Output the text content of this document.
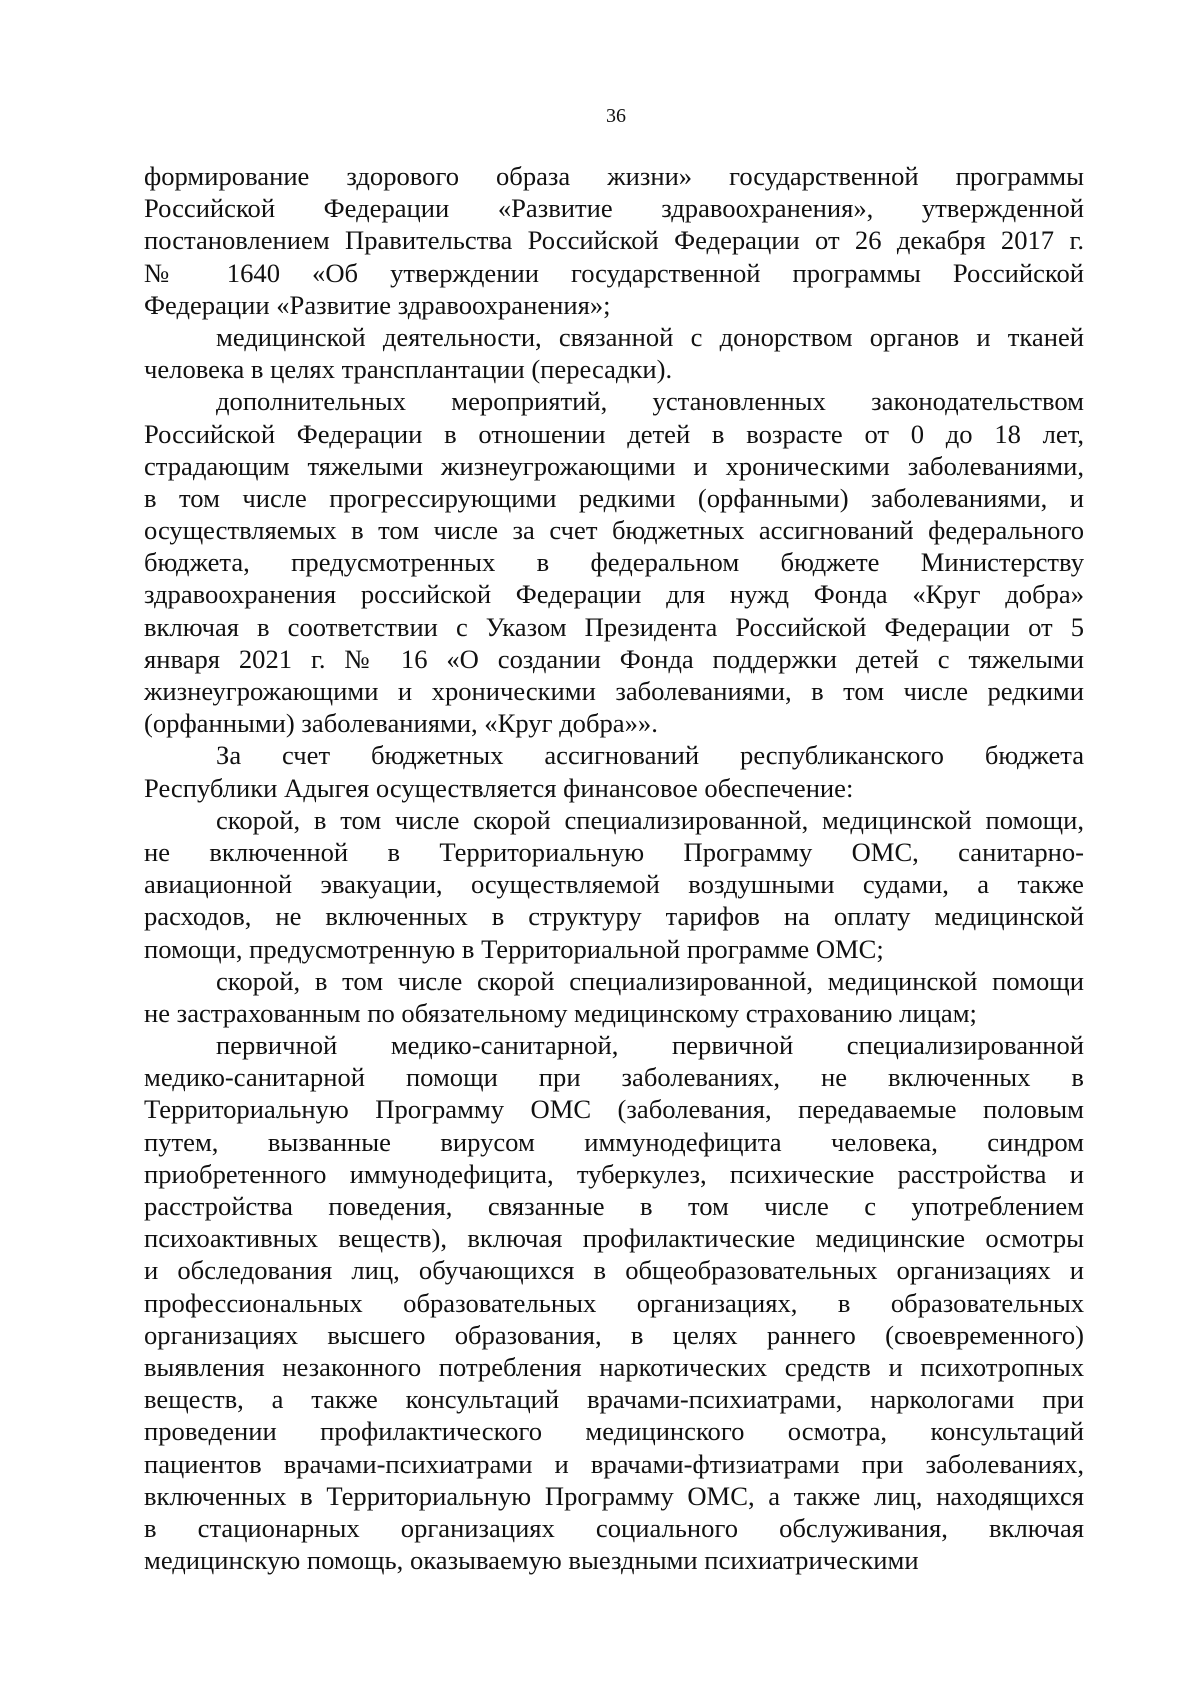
36
формирование здорового образа жизни» государственной программы
Российской Федерации «Развитие здравоохранения», утвержденной
постановлением Правительства Российской Федерации от 26 декабря 2017 г.
№ 1640 «Об утверждении государственной программы Российской
Федерации «Развитие здравоохранения»;
медицинской деятельности, связанной с донорством органов и тканей
человека в целях трансплантации (пересадки).
дополнительных мероприятий, установленных законодательством
Российской Федерации в отношении детей в возрасте от 0 до 18 лет,
страдающим тяжелыми жизнеугрожающими и хроническими заболеваниями,
в том числе прогрессирующими редкими (орфанными) заболеваниями, и
осуществляемых в том числе за счет бюджетных ассигнований федерального
бюджета, предусмотренных в федеральном бюджете Министерству
здравоохранения российской Федерации для нужд Фонда «Круг добра»
включая в соответствии с Указом Президента Российской Федерации от 5
января 2021 г. № 16 «О создании Фонда поддержки детей с тяжелыми
жизнеугрожающими и хроническими заболеваниями, в том числе редкими
(орфанными) заболеваниями, «Круг добра»».
За счет бюджетных ассигнований республиканского бюджета
Республики Адыгея осуществляется финансовое обеспечение:
скорой, в том числе скорой специализированной, медицинской помощи,
не включенной в Территориальную Программу ОМС, санитарно-
авиационной эвакуации, осуществляемой воздушными судами, а также
расходов, не включенных в структуру тарифов на оплату медицинской
помощи, предусмотренную в Территориальной программе ОМС;
скорой, в том числе скорой специализированной, медицинской помощи
не застрахованным по обязательному медицинскому страхованию лицам;
первичной медико-санитарной, первичной специализированной
медико-санитарной помощи при заболеваниях, не включенных в
Территориальную Программу ОМС (заболевания, передаваемые половым
путем, вызванные вирусом иммунодефицита человека, синдром
приобретенного иммунодефицита, туберкулез, психические расстройства и
расстройства поведения, связанные в том числе с употреблением
психоактивных веществ), включая профилактические медицинские осмотры
и обследования лиц, обучающихся в общеобразовательных организациях и
профессиональных образовательных организациях, в образовательных
организациях высшего образования, в целях раннего (своевременного)
выявления незаконного потребления наркотических средств и психотропных
веществ, а также консультаций врачами-психиатрами, наркологами при
проведении профилактического медицинского осмотра, консультаций
пациентов врачами-психиатрами и врачами-фтизиатрами при заболеваниях,
включенных в Территориальную Программу ОМС, а также лиц, находящихся
в стационарных организациях социального обслуживания, включая
медицинскую помощь, оказываемую выездными психиатрическими
